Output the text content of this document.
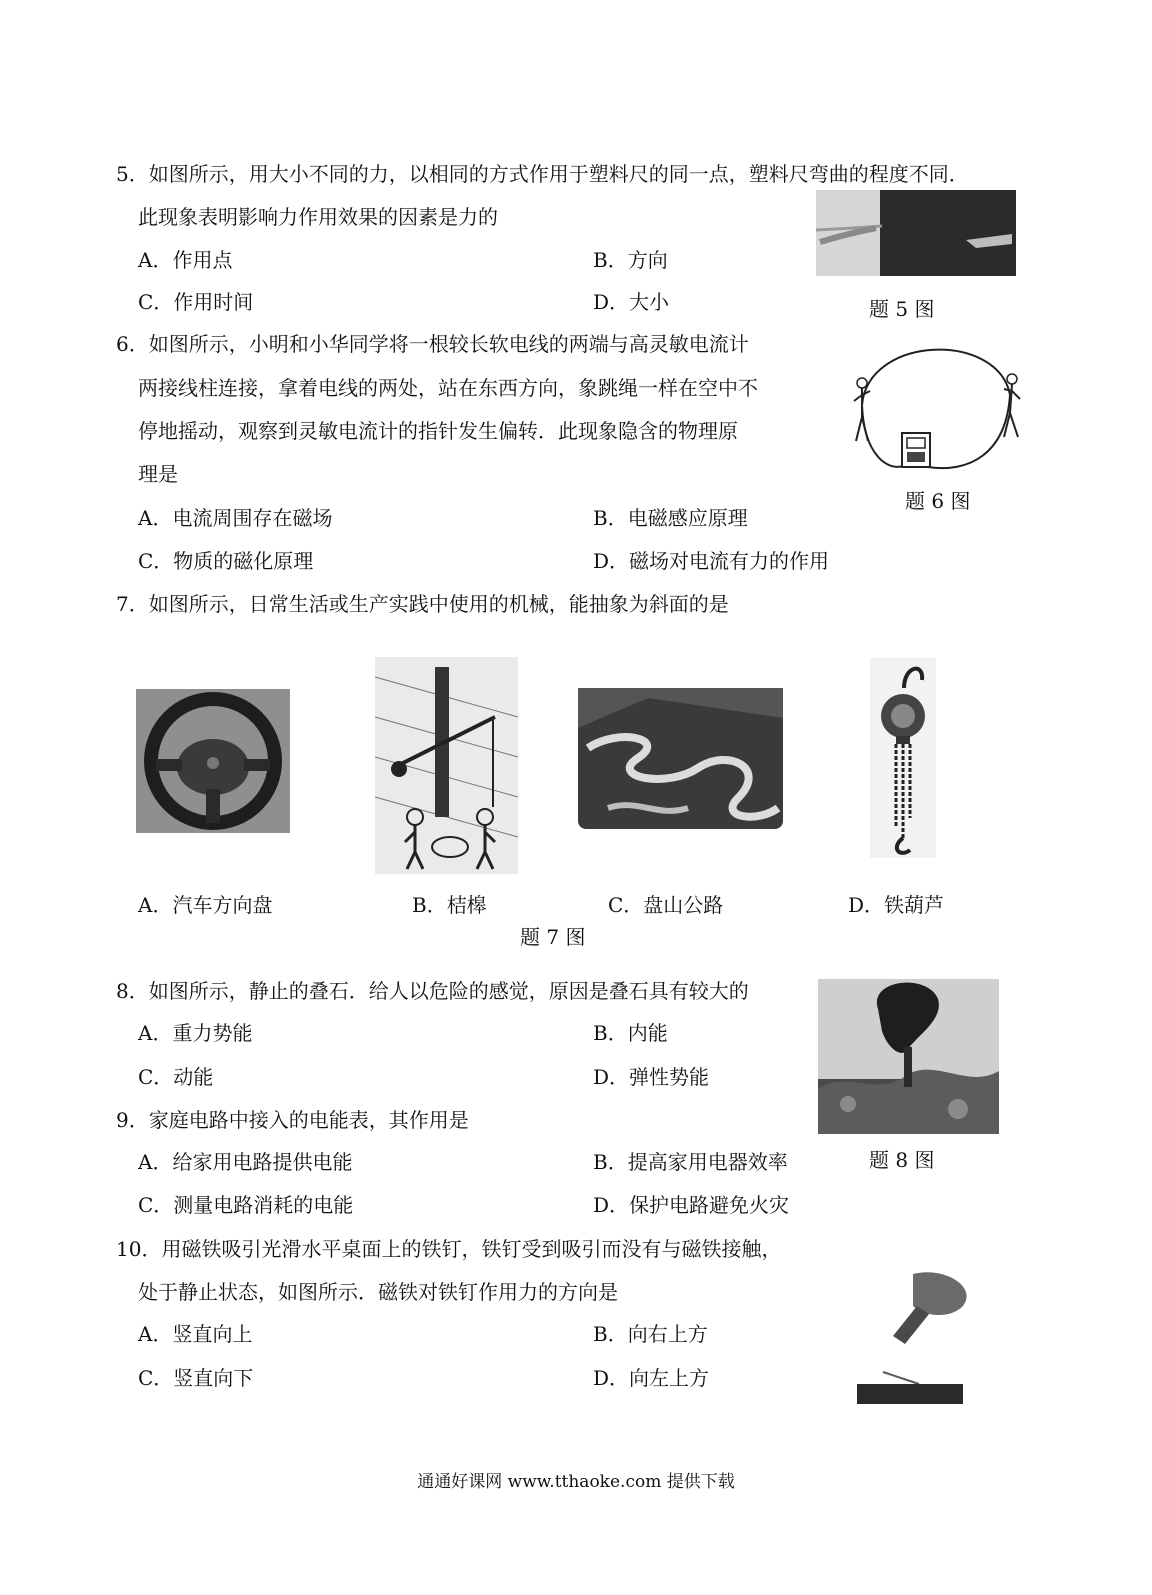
5．如图所示，用大小不同的力，以相同的方式作用于塑料尺的同一点，塑料尺弯曲的程度不同．
此现象表明影响力作用效果的因素是力的
A．作用点	B．方向
C．作用时间	D．大小	题 5 图
6．如图所示，小明和小华同学将一根较长软电线的两端与高灵敏电流计
两接线柱连接，拿着电线的两处，站在东西方向，象跳绳一样在空中不
停地摇动，观察到灵敏电流计的指针发生偏转．此现象隐含的物理原
理是
A．电流周围存在磁场	B．电磁感应原理
C．物质的磁化原理	D．磁场对电流有力的作用
题 6 图
7．如图所示，日常生活或生产实践中使用的机械，能抽象为斜面的是
A．汽车方向盘	B．桔槔	C．盘山公路	D．铁葫芦
题 7 图
8．如图所示，静止的叠石．给人以危险的感觉，原因是叠石具有较大的
A．重力势能	B．内能
C．动能	D．弹性势能
题 8 图
9．家庭电路中接入的电能表，其作用是
A．给家用电路提供电能	B．提高家用电器效率
C．测量电路消耗的电能	D．保护电路避免火灾
10．用磁铁吸引光滑水平桌面上的铁钉，铁钉受到吸引而没有与磁铁接触，
处于静止状态，如图所示．磁铁对铁钉作用力的方向是
A．竖直向上	B．向右上方
C．竖直向下	D．向左上方
通通好课网 www.tthaoke.com 提供下载
